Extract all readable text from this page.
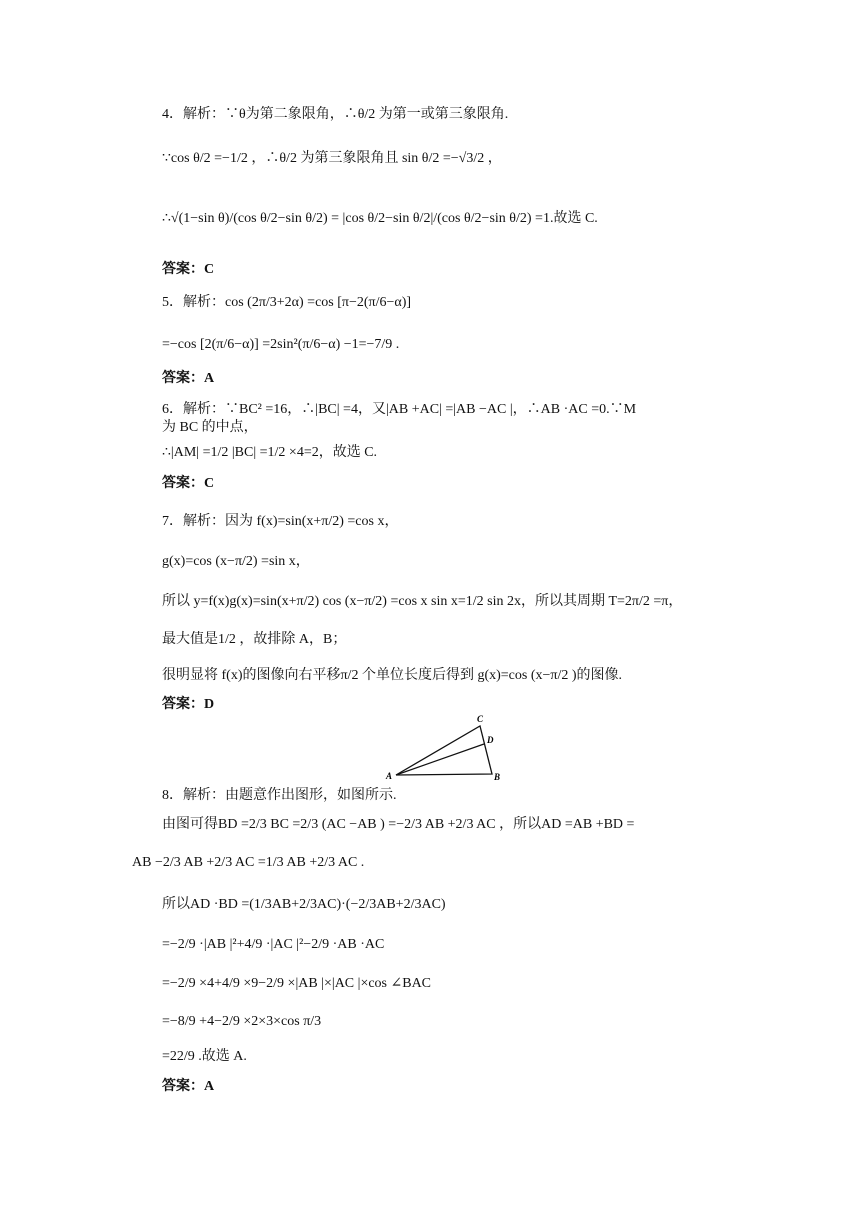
4．解析：∵θ为第二象限角，∴θ/2 为第一或第三象限角.
∵cos θ/2 =−1/2 ，∴θ/2 为第三象限角且 sin θ/2 =−√3/2 ，
∴√(1−sin θ)/(cos θ/2−sin θ/2) = |cos θ/2−sin θ/2|/(cos θ/2−sin θ/2) =1.故选 C.
答案：C
5．解析：cos (2π/3+2α) =cos [π−2(π/6−α)]
=−cos [2(π/6−α)] =2sin²(π/6−α) −1=−7/9 .
答案：A
6．解析：∵BC² =16，∴|BC| =4，又|AB +AC| =|AB −AC |，∴AB ·AC =0.∵M
为 BC 的中点，
∴|AM| =1/2 |BC| =1/2 ×4=2，故选 C.
答案：C
7．解析：因为 f(x)=sin(x+π/2) =cos x，
g(x)=cos (x−π/2) =sin x，
所以 y=f(x)g(x)=sin(x+π/2) cos (x−π/2) =cos x sin x=1/2 sin 2x，所以其周期 T=2π/2 =π，
最大值是1/2 ，故排除 A，B；
很明显将 f(x)的图像向右平移π/2 个单位长度后得到 g(x)=cos (x−π/2 )的图像.
答案：D
A	B
C
D
8．解析：由题意作出图形，如图所示.
由图可得BD =2/3 BC =2/3 (AC −AB ) =−2/3 AB +2/3 AC ，所以AD =AB +BD =
AB −2/3 AB +2/3 AC =1/3 AB +2/3 AC .
所以AD ·BD =(1/3AB+2/3AC)·(−2/3AB+2/3AC)
=−2/9 ·|AB |²+4/9 ·|AC |²−2/9 ·AB ·AC
=−2/9 ×4+4/9 ×9−2/9 ×|AB |×|AC |×cos ∠BAC
=−8/9 +4−2/9 ×2×3×cos π/3
=22/9 .故选 A.
答案：A
